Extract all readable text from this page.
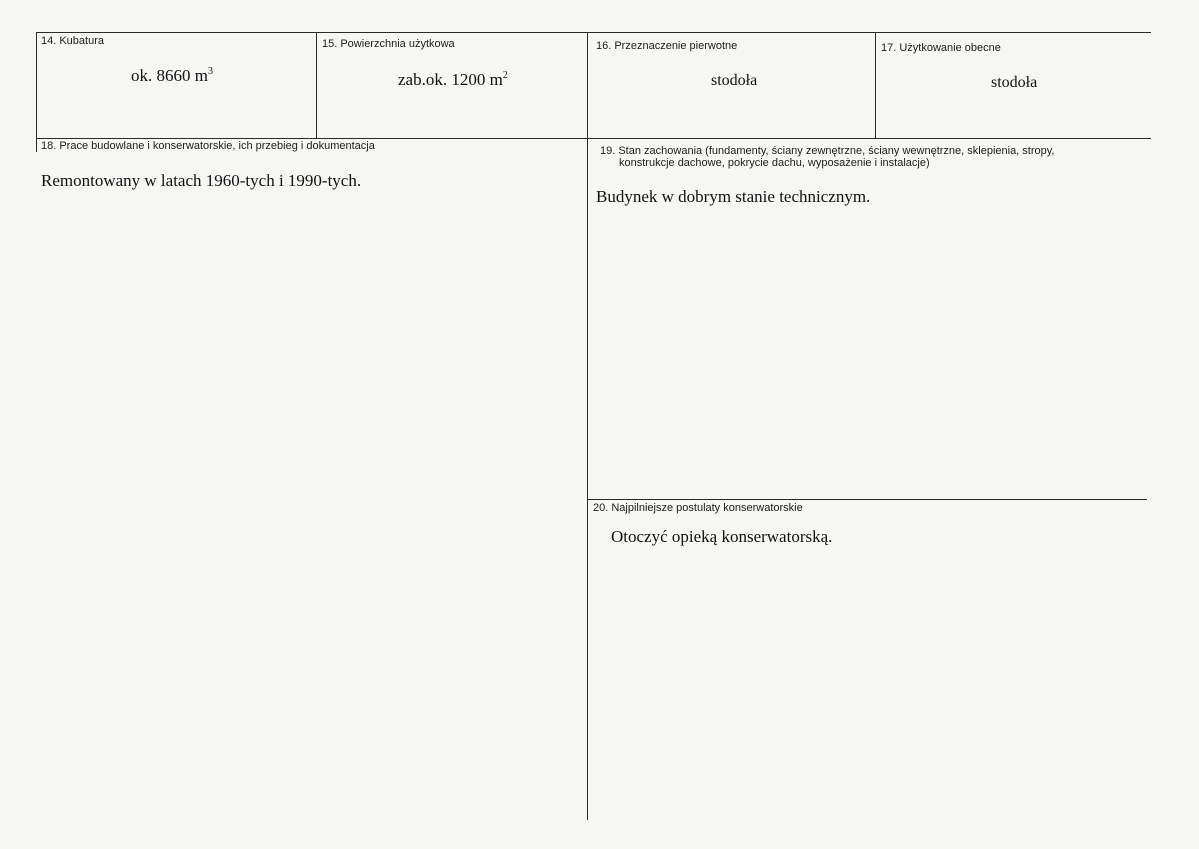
14. Kubatura
ok. 8660 $m^3$
15. Powierzchnia użytkowa
zab.ok. 1200 $m^2$
16. Przeznaczenie pierwotne
stodoła
17. Użytkowanie obecne
stodoła
18. Prace budowlane i konserwatorskie, ich przebieg i dokumentacja
Remontowany w latach 1960-tych i 1990-tych.
19. Stan zachowania (fundamenty, ściany zewnętrzne, ściany wewnętrzne, sklepienia, stropy,
konstrukcje dachowe, pokrycie dachu, wyposażenie i instalacje)
Budynek w dobrym stanie technicznym.
20. Najpilniejsze postulaty konserwatorskie
Otoczyć opieką konserwatorską.
